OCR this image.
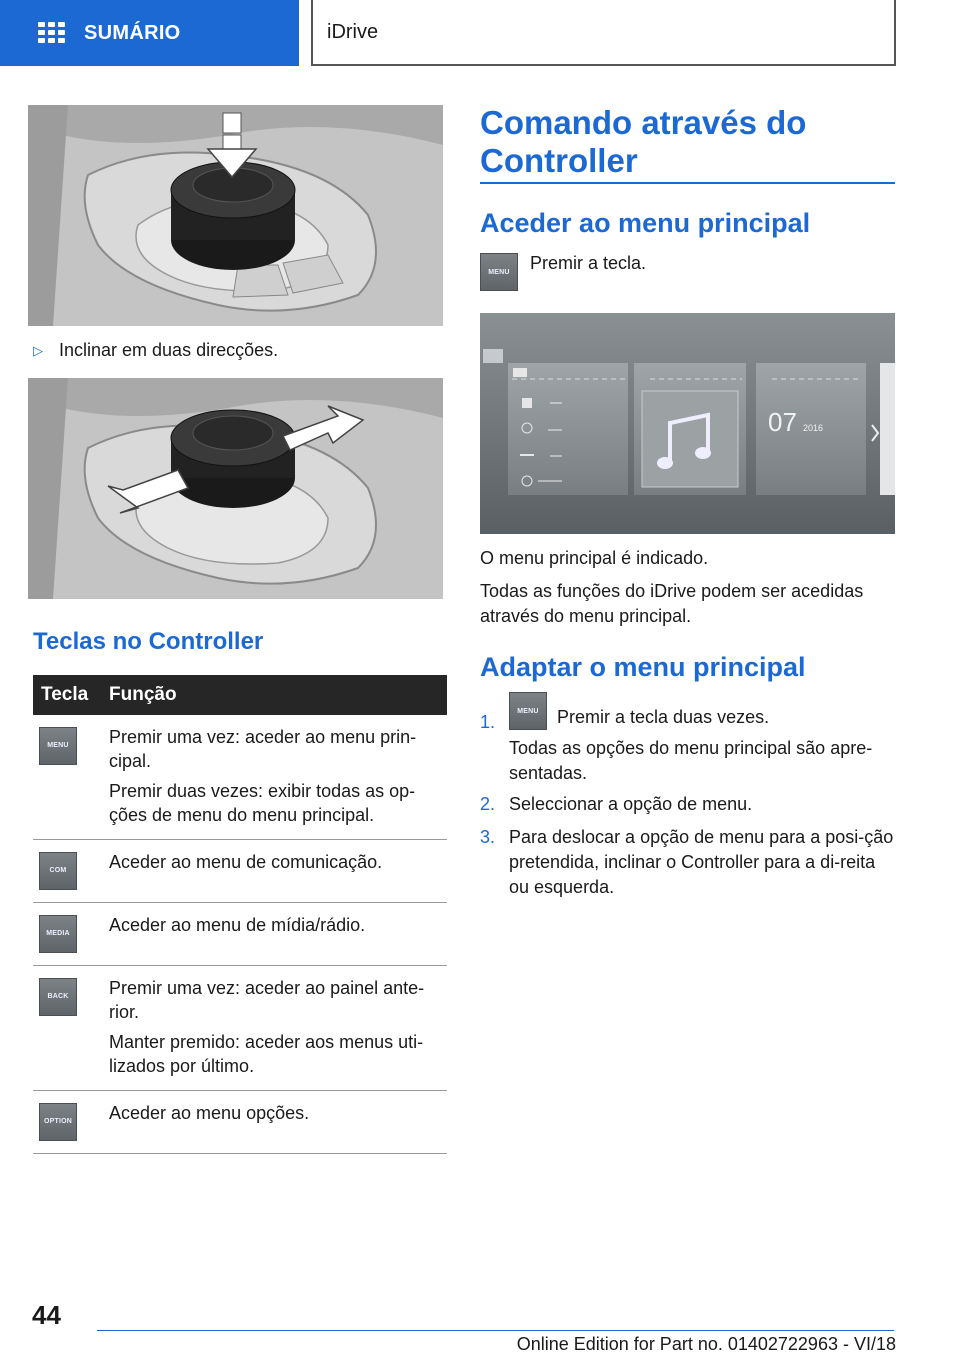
SUMÁRIO	iDrive
▷ Inclinar em duas direcções.
Teclas no Controller
Tecla	Função

MENU	Premir uma vez: aceder ao menu prin-cipal.

Premir duas vezes: exibir todas as op-ções de menu do menu principal.

COM	Aceder ao menu de comunicação.

MEDIA	Aceder ao menu de mídia/rádio.

BACK	Premir uma vez: aceder ao painel ante-rior.

Manter premido: aceder aos menus uti-lizados por último.

OPTION	Aceder ao menu opções.

Comando através do Controller
Aceder ao menu principal
MENU	Premir a tecla.
07 2016

O menu principal é indicado.

Todas as funções do iDrive podem ser acedidas através do menu principal.

Adaptar o menu principal
1.
MENU	Premir a tecla duas vezes.
Todas as opções do menu principal são apre-sentadas.
2. Seleccionar a opção de menu.
3. Para deslocar a opção de menu para a posi-ção pretendida, inclinar o Controller para a di-reita ou esquerda.
44
Online Edition for Part no. 01402722963 - VI/18
